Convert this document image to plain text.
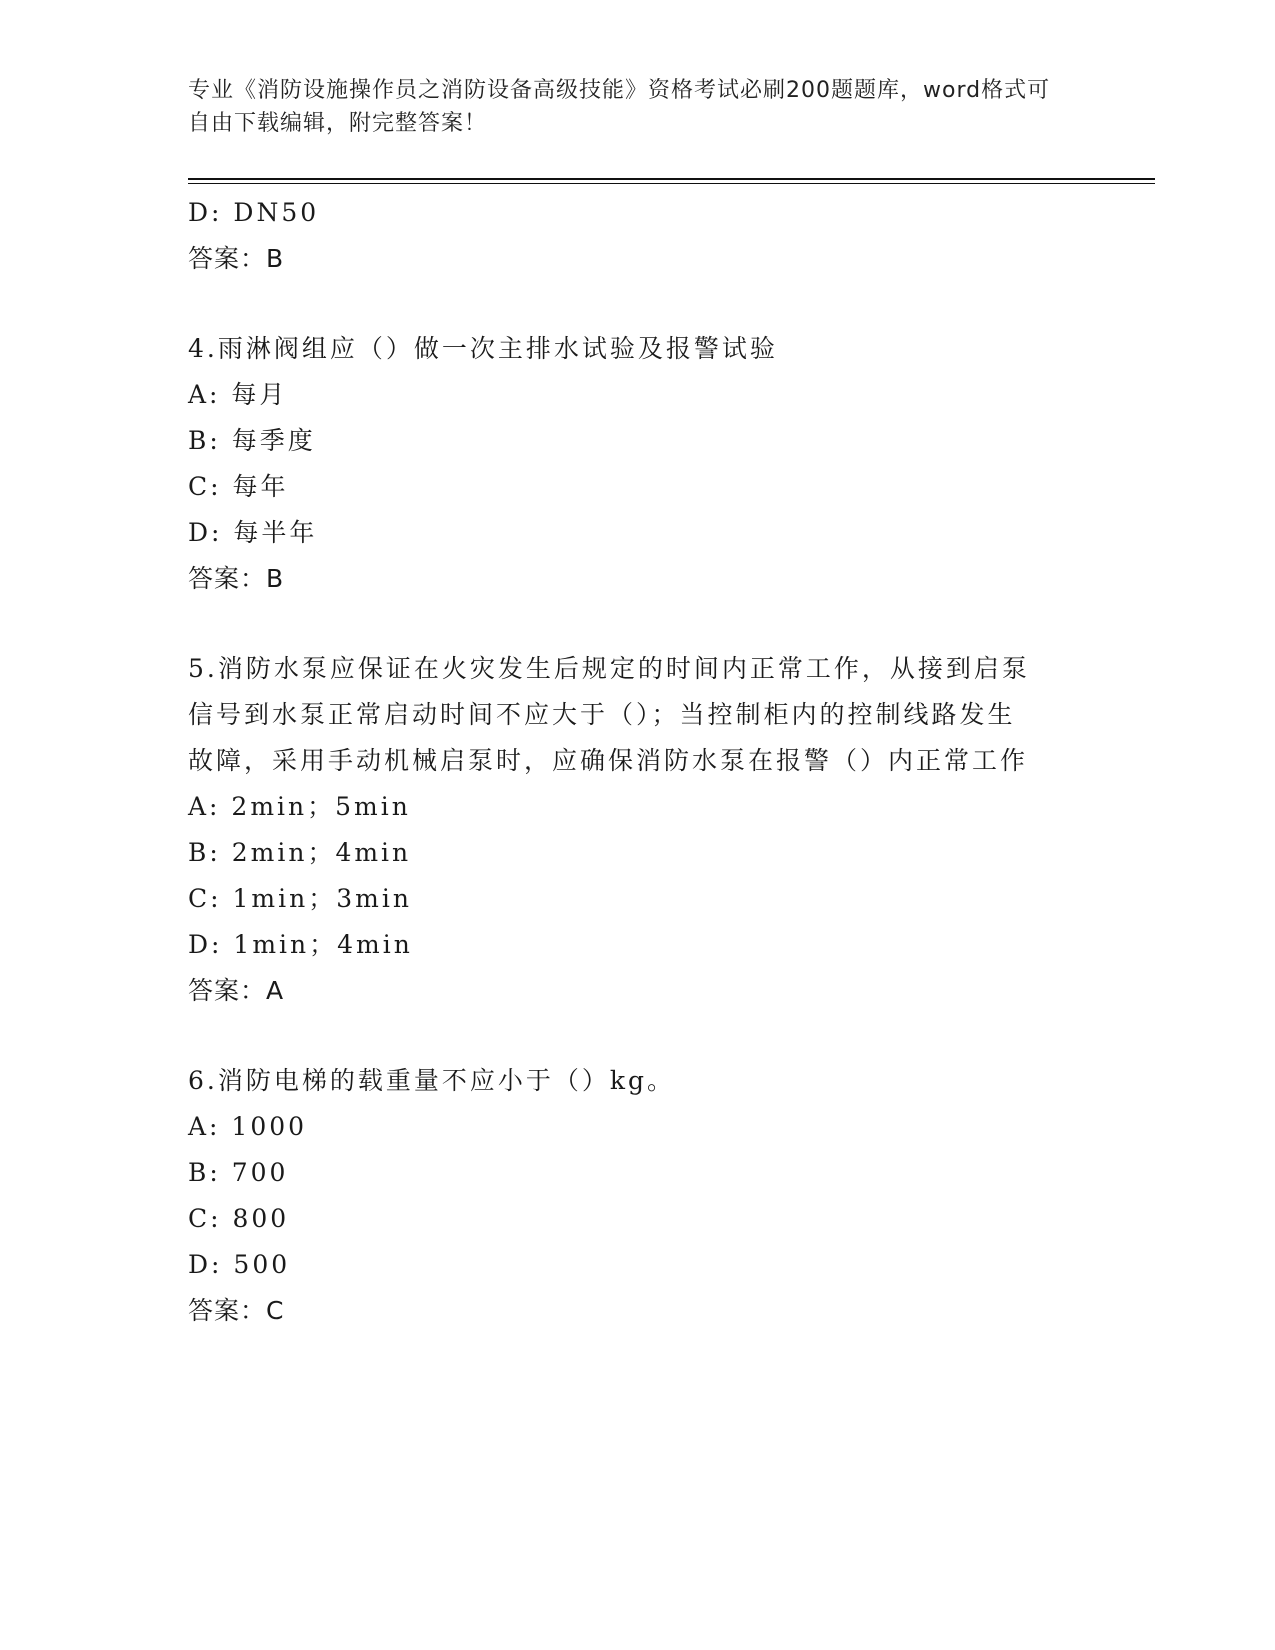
专业《消防设施操作员之消防设备高级技能》资格考试必刷200题题库，word格式可自由下载编辑，附完整答案！
D: DN50
答案：B
4.雨淋阀组应（）做一次主排水试验及报警试验
A: 每月
B: 每季度
C: 每年
D: 每半年
答案：B
5.消防水泵应保证在火灾发生后规定的时间内正常工作，从接到启泵
信号到水泵正常启动时间不应大于（）；当控制柜内的控制线路发生
故障，采用手动机械启泵时，应确保消防水泵在报警（）内正常工作
A: 2min；5min
B: 2min；4min
C: 1min；3min
D: 1min；4min
答案：A
6.消防电梯的载重量不应小于（）kg。
A: 1000
B: 700
C: 800
D: 500
答案：C
